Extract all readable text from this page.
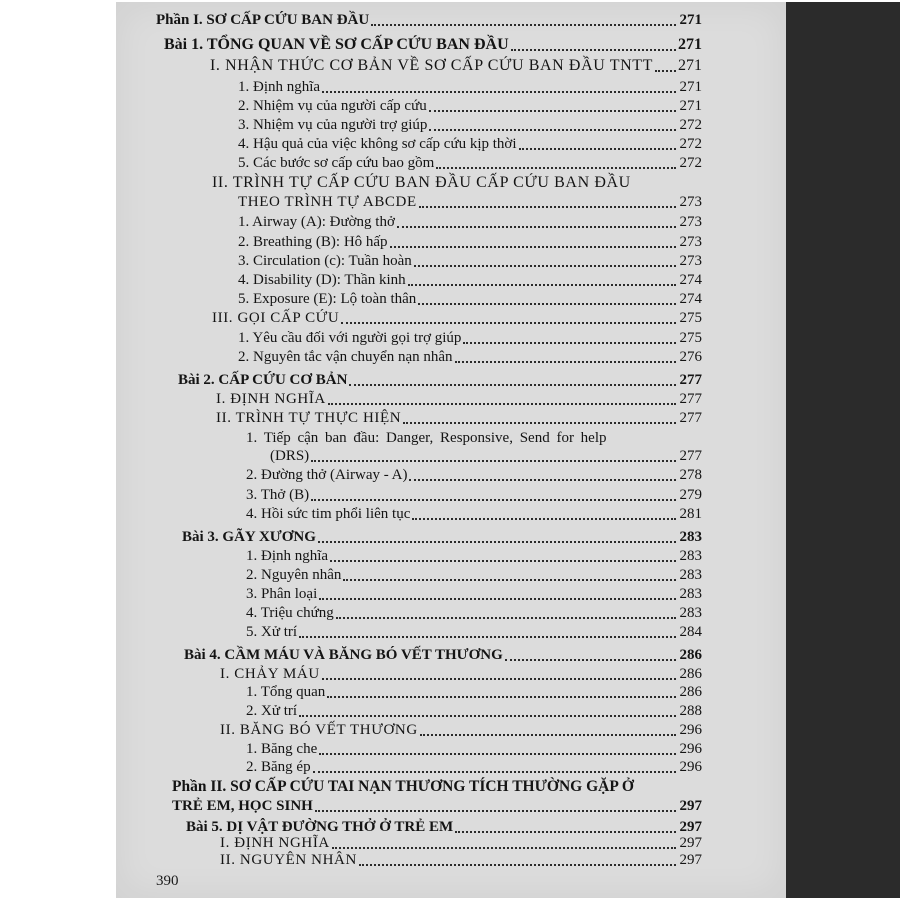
Phần I. SƠ CẤP CỨU BAN ĐẦU	271
Bài 1. TỔNG QUAN VỀ SƠ CẤP CỨU BAN ĐẦU	271
I. NHẬN THỨC CƠ BẢN VỀ SƠ CẤP CỨU BAN ĐẦU TNTT 271
1. Định nghĩa	271
2. Nhiệm vụ của người cấp cứu	271
3. Nhiệm vụ của người trợ giúp	272
4. Hậu quả của việc không sơ cấp cứu kịp thời	272
5. Các bước sơ cấp cứu bao gồm	272
II. TRÌNH TỰ CẤP CỨU BAN ĐẦU CẤP CỨU BAN ĐẦU
THEO TRÌNH TỰ ABCDE	273
1. Airway (A): Đường thở	273
2. Breathing (B): Hô hấp	273
3. Circulation (c): Tuần hoàn	273
4. Disability (D): Thần kinh	274
5. Exposure (E): Lộ toàn thân	274
III. GỌI CẤP CỨU	275
1. Yêu cầu đối với người gọi trợ giúp	275
2. Nguyên tắc vận chuyển nạn nhân	276
Bài 2. CẤP CỨU CƠ BẢN	277
I. ĐỊNH NGHĨA	277
II. TRÌNH TỰ THỰC HIỆN	277
1. Tiếp cận ban đầu: Danger, Responsive, Send for help
(DRS)	277
2. Đường thở (Airway - A)	278
3. Thở (B)	279
4. Hồi sức tim phổi liên tục	281
Bài 3. GÃY XƯƠNG	283
1. Định nghĩa	283
2. Nguyên nhân	283
3. Phân loại	283
4. Triệu chứng	283
5. Xử trí	284
Bài 4. CẦM MÁU VÀ BĂNG BÓ VẾT THƯƠNG	286
I. CHẢY MÁU	286
1. Tổng quan	286
2. Xử trí	288
II. BĂNG BÓ VẾT THƯƠNG	296
1. Băng che	296
2. Băng ép	296
Phần II. SƠ CẤP CỨU TAI NẠN THƯƠNG TÍCH THƯỜNG GẶP Ở
TRẺ EM, HỌC SINH	297
Bài 5. DỊ VẬT ĐƯỜNG THỞ Ở TRẺ EM	297
I. ĐỊNH NGHĨA	297
II. NGUYÊN NHÂN	297
390
